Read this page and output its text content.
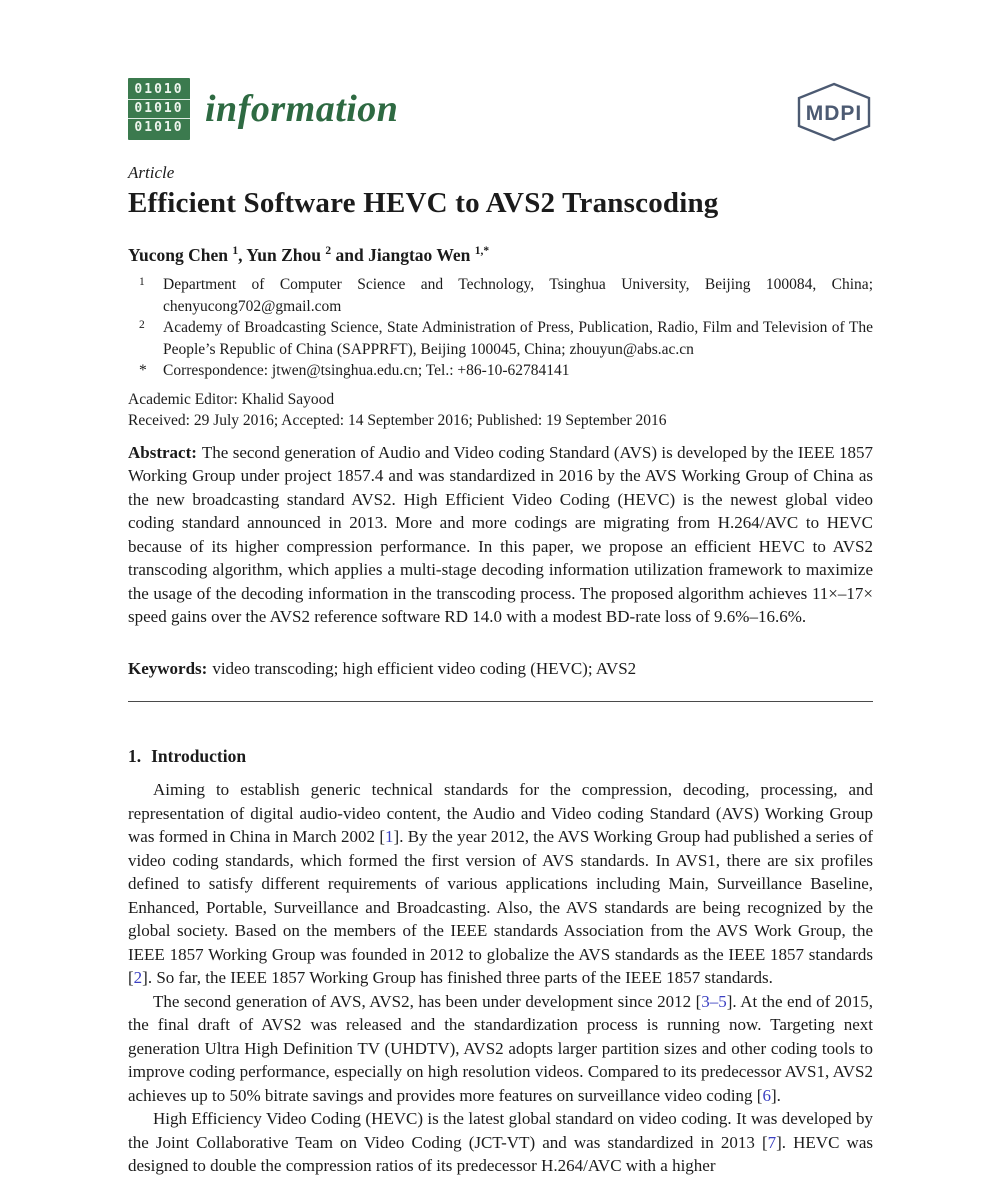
01010
01010
01010 information	MDPI
Article
Efficient Software HEVC to AVS2 Transcoding
Yucong Chen $^1$, Yun Zhou $^2$ and Jiangtao Wen $^{1,*}$
1 Department of Computer Science and Technology, Tsinghua University, Beijing 100084, China; chenyucong702@gmail.com
2 Academy of Broadcasting Science, State Administration of Press, Publication, Radio, Film and Television of The People’s Republic of China (SAPPRFT), Beijing 100045, China; zhouyun@abs.ac.cn
* Correspondence: jtwen@tsinghua.edu.cn; Tel.: +86-10-62784141
Academic Editor: Khalid Sayood
Received: 29 July 2016; Accepted: 14 September 2016; Published: 19 September 2016

Abstract: The second generation of Audio and Video coding Standard (AVS) is developed by the IEEE 1857 Working Group under project 1857.4 and was standardized in 2016 by the AVS Working Group of China as the new broadcasting standard AVS2. High Efficient Video Coding (HEVC) is the newest global video coding standard announced in 2013. More and more codings are migrating from H.264/AVC to HEVC because of its higher compression performance. In this paper, we propose an efficient HEVC to AVS2 transcoding algorithm, which applies a multi-stage decoding information utilization framework to maximize the usage of the decoding information in the transcoding process. The proposed algorithm achieves 11×–17× speed gains over the AVS2 reference software RD 14.0 with a modest BD-rate loss of 9.6%–16.6%.

Keywords: video transcoding; high efficient video coding (HEVC); AVS2

1. Introduction

Aiming to establish generic technical standards for the compression, decoding, processing, and representation of digital audio-video content, the Audio and Video coding Standard (AVS) Working Group was formed in China in March 2002 [1]. By the year 2012, the AVS Working Group had published a series of video coding standards, which formed the first version of AVS standards. In AVS1, there are six profiles defined to satisfy different requirements of various applications including Main, Surveillance Baseline, Enhanced, Portable, Surveillance and Broadcasting. Also, the AVS standards are being recognized by the global society. Based on the members of the IEEE standards Association from the AVS Work Group, the IEEE 1857 Working Group was founded in 2012 to globalize the AVS standards as the IEEE 1857 standards [2]. So far, the IEEE 1857 Working Group has finished three parts of the IEEE 1857 standards.

The second generation of AVS, AVS2, has been under development since 2012 [3–5]. At the end of 2015, the final draft of AVS2 was released and the standardization process is running now. Targeting next generation Ultra High Definition TV (UHDTV), AVS2 adopts larger partition sizes and other coding tools to improve coding performance, especially on high resolution videos. Compared to its predecessor AVS1, AVS2 achieves up to 50% bitrate savings and provides more features on surveillance video coding [6].

High Efficiency Video Coding (HEVC) is the latest global standard on video coding. It was developed by the Joint Collaborative Team on Video Coding (JCT-VT) and was standardized in 2013 [7]. HEVC was designed to double the compression ratios of its predecessor H.264/AVC with a higher
